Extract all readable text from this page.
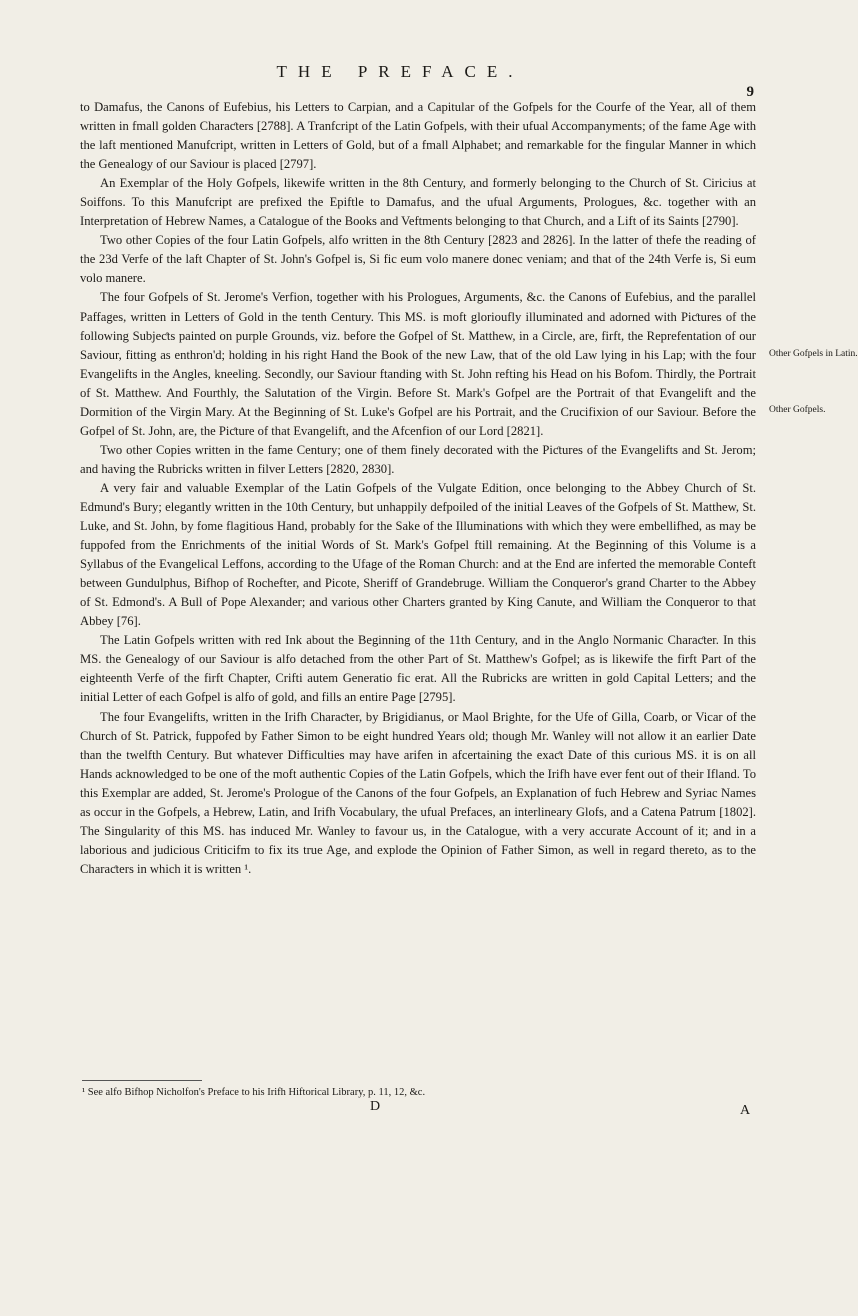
THE PREFACE.
9

to Damafus, the Canons of Eufebius, his Letters to Carpian, and a Capitular of the Gofpels for the Courfe of the Year, all of them written in fmall golden Charaƈters [2788]. A Tranfcript of the Latin Gofpels, with their ufual Accompanyments; of the fame Age with the laft mentioned Manufcript, written in Letters of Gold, but of a fmall Alphabet; and remarkable for the fingular Manner in which the Genealogy of our Saviour is placed [2797].

An Exemplar of the Holy Gofpels, likewife written in the 8th Century, and formerly belonging to the Church of St. Ciricius at Soiffons. To this Manufcript are prefixed the Epiftle to Damafus, and the ufual Arguments, Prologues, &c. together with an Interpretation of Hebrew Names, a Catalogue of the Books and Veftments belonging to that Church, and a Lift of its Saints [2790].

Two other Copies of the four Latin Gofpels, alfo written in the 8th Century [2823 and 2826]. In the latter of thefe the reading of the 23d Verfe of the laft Chapter of St. John's Gofpel is, Si fic eum volo manere donec veniam; and that of the 24th Verfe is, Si eum volo manere.

The four Gofpels of St. Jerome's Verfion, together with his Prologues, Arguments, &c. the Canons of Eufebius, and the parallel Paffages, written in Letters of Gold in the tenth Century. This MS. is moft glorioufly illuminated and adorned with Piƈtures of the following Subjeƈts painted on purple Grounds, viz. before the Gofpel of St. Matthew, in a Circle, are, firft, the Reprefentation of our Saviour, fitting as enthron'd; holding in his right Hand the Book of the new Law, that of the old Law lying in his Lap; with the four Evangelifts in the Angles, kneeling. Secondly, our Saviour ftanding with St. John refting his Head on his Bofom. Thirdly, the Portrait of St. Matthew. And Fourthly, the Salutation of the Virgin. Before St. Mark's Gofpel are the Portrait of that Evangelift and the Dormition of the Virgin Mary. At the Beginning of St. Luke's Gofpel are his Portrait, and the Crucifixion of our Saviour. Before the Gofpel of St. John, are, the Piƈture of that Evangelift, and the Afcenfion of our Lord [2821].

Two other Copies written in the fame Century; one of them finely decorated with the Piƈtures of the Evangelifts and St. Jerom; and having the Rubricks written in filver Letters [2820, 2830].

A very fair and valuable Exemplar of the Latin Gofpels of the Vulgate Edition, once belonging to the Abbey Church of St. Edmund's Bury; elegantly written in the 10th Century, but unhappily defpoiled of the initial Leaves of the Gofpels of St. Matthew, St. Luke, and St. John, by fome flagitious Hand, probably for the Sake of the Illuminations with which they were embellifhed, as may be fuppofed from the Enrichments of the initial Words of St. Mark's Gofpel ftill remaining. At the Beginning of this Volume is a Syllabus of the Evangelical Leffons, according to the Ufage of the Roman Church: and at the End are inferted the memorable Conteft between Gundulphus, Bifhop of Rochefter, and Picote, Sheriff of Grandebruge. William the Conqueror's grand Charter to the Abbey of St. Edmond's. A Bull of Pope Alexander; and various other Charters granted by King Canute, and William the Conqueror to that Abbey [76].

The Latin Gofpels written with red Ink about the Beginning of the 11th Century, and in the Anglo Normanic Charaƈter. In this MS. the Genealogy of our Saviour is alfo detached from the other Part of St. Matthew's Gofpel; as is likewife the firft Part of the eighteenth Verfe of the firft Chapter, Crifti autem Generatio fic erat. All the Rubricks are written in gold Capital Letters; and the initial Letter of each Gofpel is alfo of gold, and fills an entire Page [2795].

The four Evangelifts, written in the Irifh Charaƈter, by Brigidianus, or Maol Brighte, for the Ufe of Gilla, Coarb, or Vicar of the Church of St. Patrick, fuppofed by Father Simon to be eight hundred Years old; though Mr. Wanley will not allow it an earlier Date than the twelfth Century. But whatever Difficulties may have arifen in afcertaining the exaƈt Date of this curious MS. it is on all Hands acknowledged to be one of the moft authentic Copies of the Latin Gofpels, which the Irifh have ever fent out of their Ifland. To this Exemplar are added, St. Jerome's Prologue of the Canons of the four Gofpels, an Explanation of fuch Hebrew and Syriac Names as occur in the Gofpels, a Hebrew, Latin, and Irifh Vocabulary, the ufual Prefaces, an interlineary Glofs, and a Catena Patrum [1802]. The Singularity of this MS. has induced Mr. Wanley to favour us, in the Catalogue, with a very accurate Account of it; and in a laborious and judicious Criticifm to fix its true Age, and explode the Opinion of Father Simon, as well in regard thereto, as to the Charaƈters in which it is written ¹.

Other Gofpels in Latin.
Other Gofpels.
¹ See alfo Bifhop Nicholfon's Preface to his Irifh Hiftorical Library, p. 11, 12, &c.
D	A
